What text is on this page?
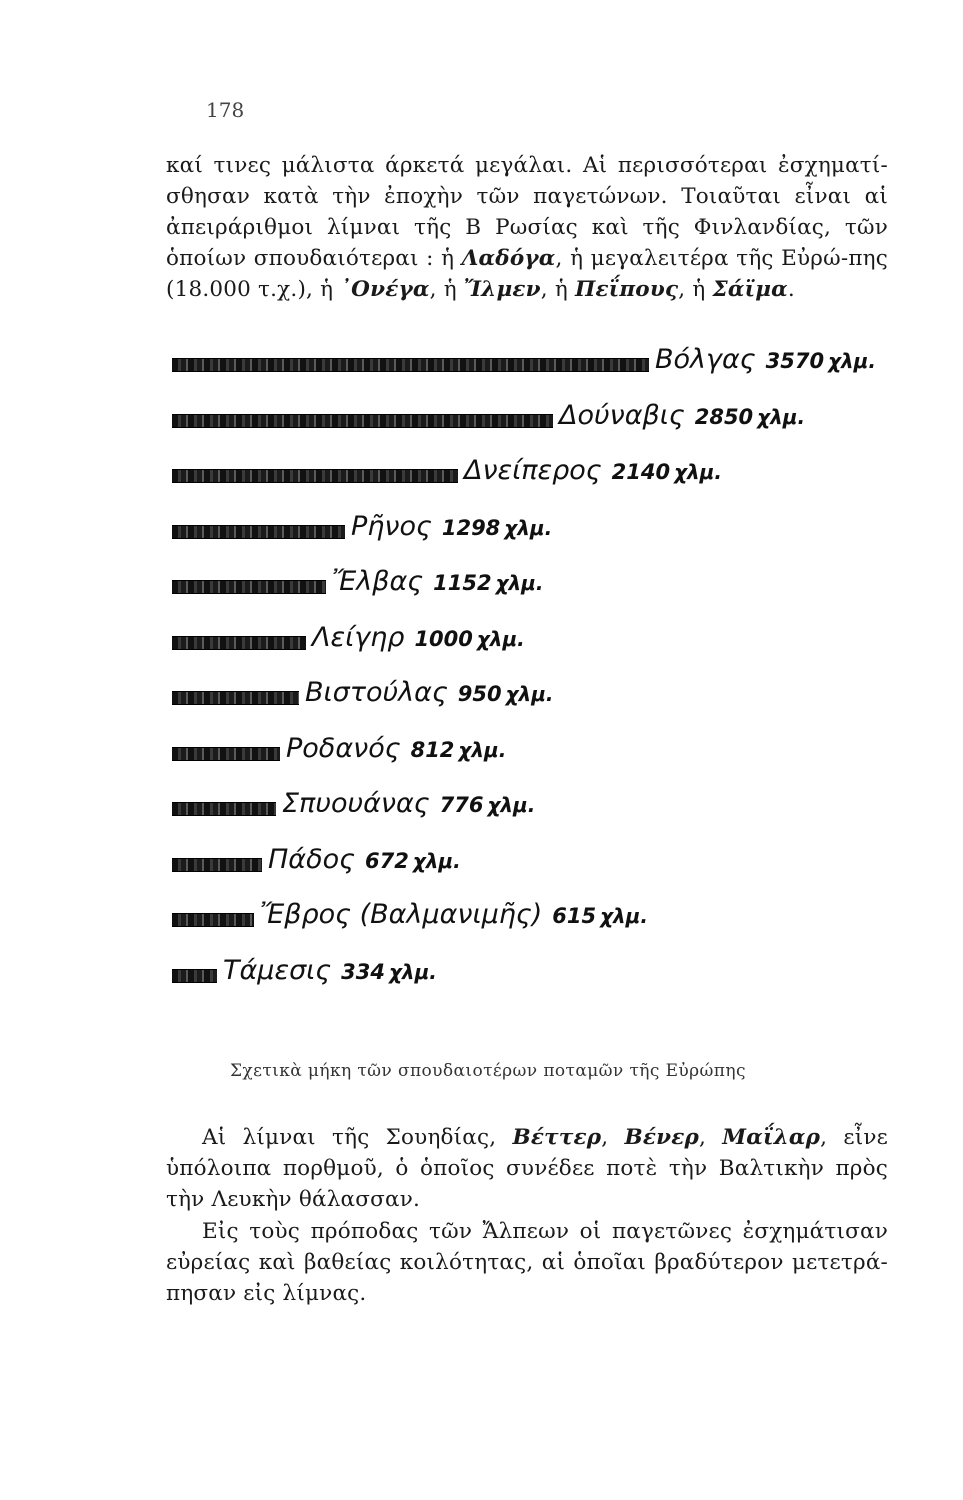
178
καί τινες μάλιστα άρκετά μεγάλαι. Αἱ περισσότεραι ἐσχηματί-σθησαν κατὰ τὴν ἐποχὴν τῶν παγετώνων. Τοιαῦται εἶναι αἱ ἀπειράριθμοι λίμναι τῆς Β Ρωσίας καὶ τῆς Φινλανδίας, τῶν ὁποίων σπουδαιότεραι : ἡ Λαδόγα, ἡ μεγαλειτέρα τῆς Εὐρώ-πης (18.000 τ.χ.), ἡ ᾽Ονέγα, ἡ Ἴλμεν, ἡ Πεΐπους, ἡ Σάϊμα.
Βόλγας 3570 χλμ.
Δούναβις 2850 χλμ.
Δνείπερος 2140 χλμ.
Ρῆνος 1298 χλμ.
Ἔλβας 1152 χλμ.
Λείγηρ 1000 χλμ.
Βιστούλας 950 χλμ.
Ροδανός 812 χλμ.
Σπυουάνας 776 χλμ.
Πάδος 672 χλμ.
Ἔβρος (Βαλμανιμῆς) 615 χλμ.
Τάμεσις 334 χλμ.
Σχετικὰ μήκη τῶν σπουδαιοτέρων ποταμῶν τῆς Εὐρώπης
Αἱ λίμναι τῆς Σουηδίας, Βέττερ, Βένερ, Μαΐλαρ, εἶνε ὑπόλοιπα πορθμοῦ, ὁ ὁποῖος συνέδεε ποτὲ τὴν Βαλτικὴν πρὸς τὴν Λευκὴν θάλασσαν.
Εἰς τοὺς πρόποδας τῶν Ἄλπεων οἱ παγετῶνες ἐσχημάτισαν εὐρείας καὶ βαθείας κοιλότητας, αἱ ὁποῖαι βραδύτερον μετετρά-πησαν εἰς λίμνας.
